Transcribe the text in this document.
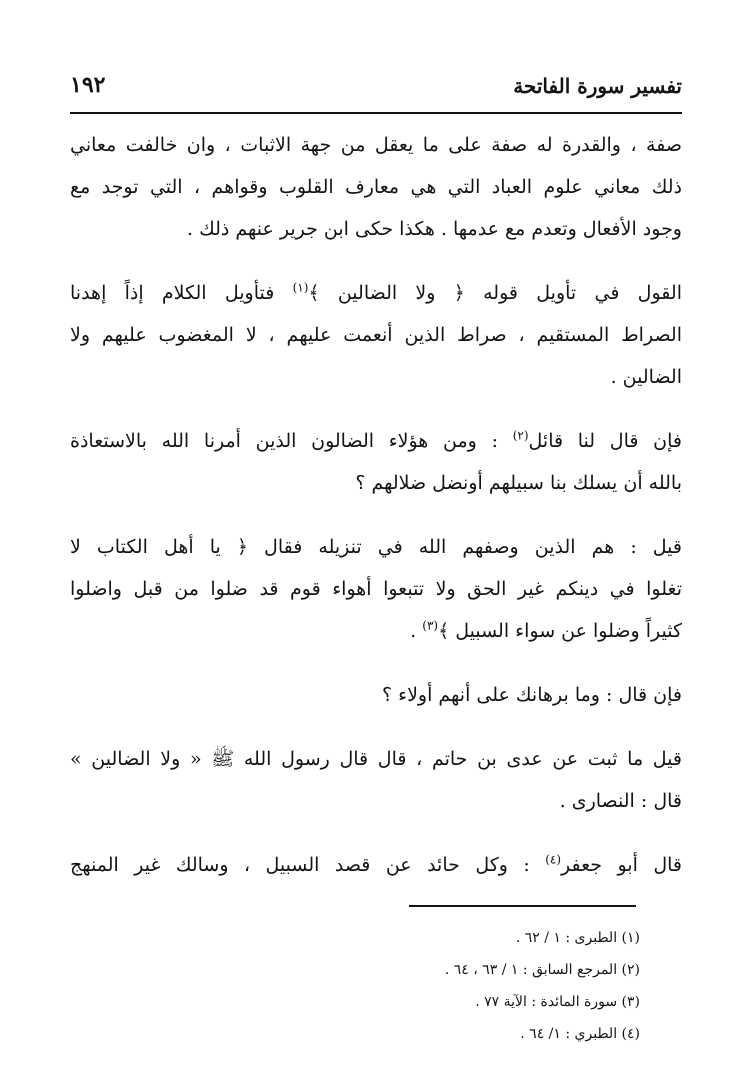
تفسير سورة الفاتحة
١٩٢
صفة ، والقدرة له صفة على ما يعقل من جهة الاثبات ، وان خالفت معاني
ذلك معاني علوم العباد التي هي معارف القلوب وقواهم ، التي توجد مع
وجود الأفعال وتعدم مع عدمها . هكذا حكى ابن جرير عنهم ذلك .
القول في تأويل قوله ﴿ ولا الضالين ﴾$^{(١)}$ فتأويل الكلام إذاً إهدنا
الصراط المستقيم ، صراط الذين أنعمت عليهم ، لا المغضوب عليهم ولا
الضالين .
فإن قال لنا قائل$^{(٢)}$ : ومن هؤلاء الضالون الذين أمرنا الله بالاستعاذة
بالله أن يسلك بنا سبيلهم أونضل ضلالهم ؟
قيل : هم الذين وصفهم الله في تنزيله فقال ﴿ يا أهل الكتاب لا
تغلوا في دينكم غير الحق ولا تتبعوا أهواء قوم قد ضلوا من قبل واضلوا
كثيراً وضلوا عن سواء السبيل ﴾$^{(٣)}$ .
فإن قال : وما برهانك على أنهم أولاء ؟
قيل ما ثبت عن عدى بن حاتم ، قال قال رسول الله ﷺ « ولا الضالين »
قال : النصارى .
قال أبو جعفر$^{(٤)}$ : وكل حائد عن قصد السبيل ، وسالك غير المنهج
(١) الطبرى : ١ / ٦٢ .
(٢) المرجع السابق : ١ / ٦٣ ، ٦٤ .
(٣) سورة المائدة : الآية ٧٧ .
(٤) الطبري : ١/ ٦٤ .
